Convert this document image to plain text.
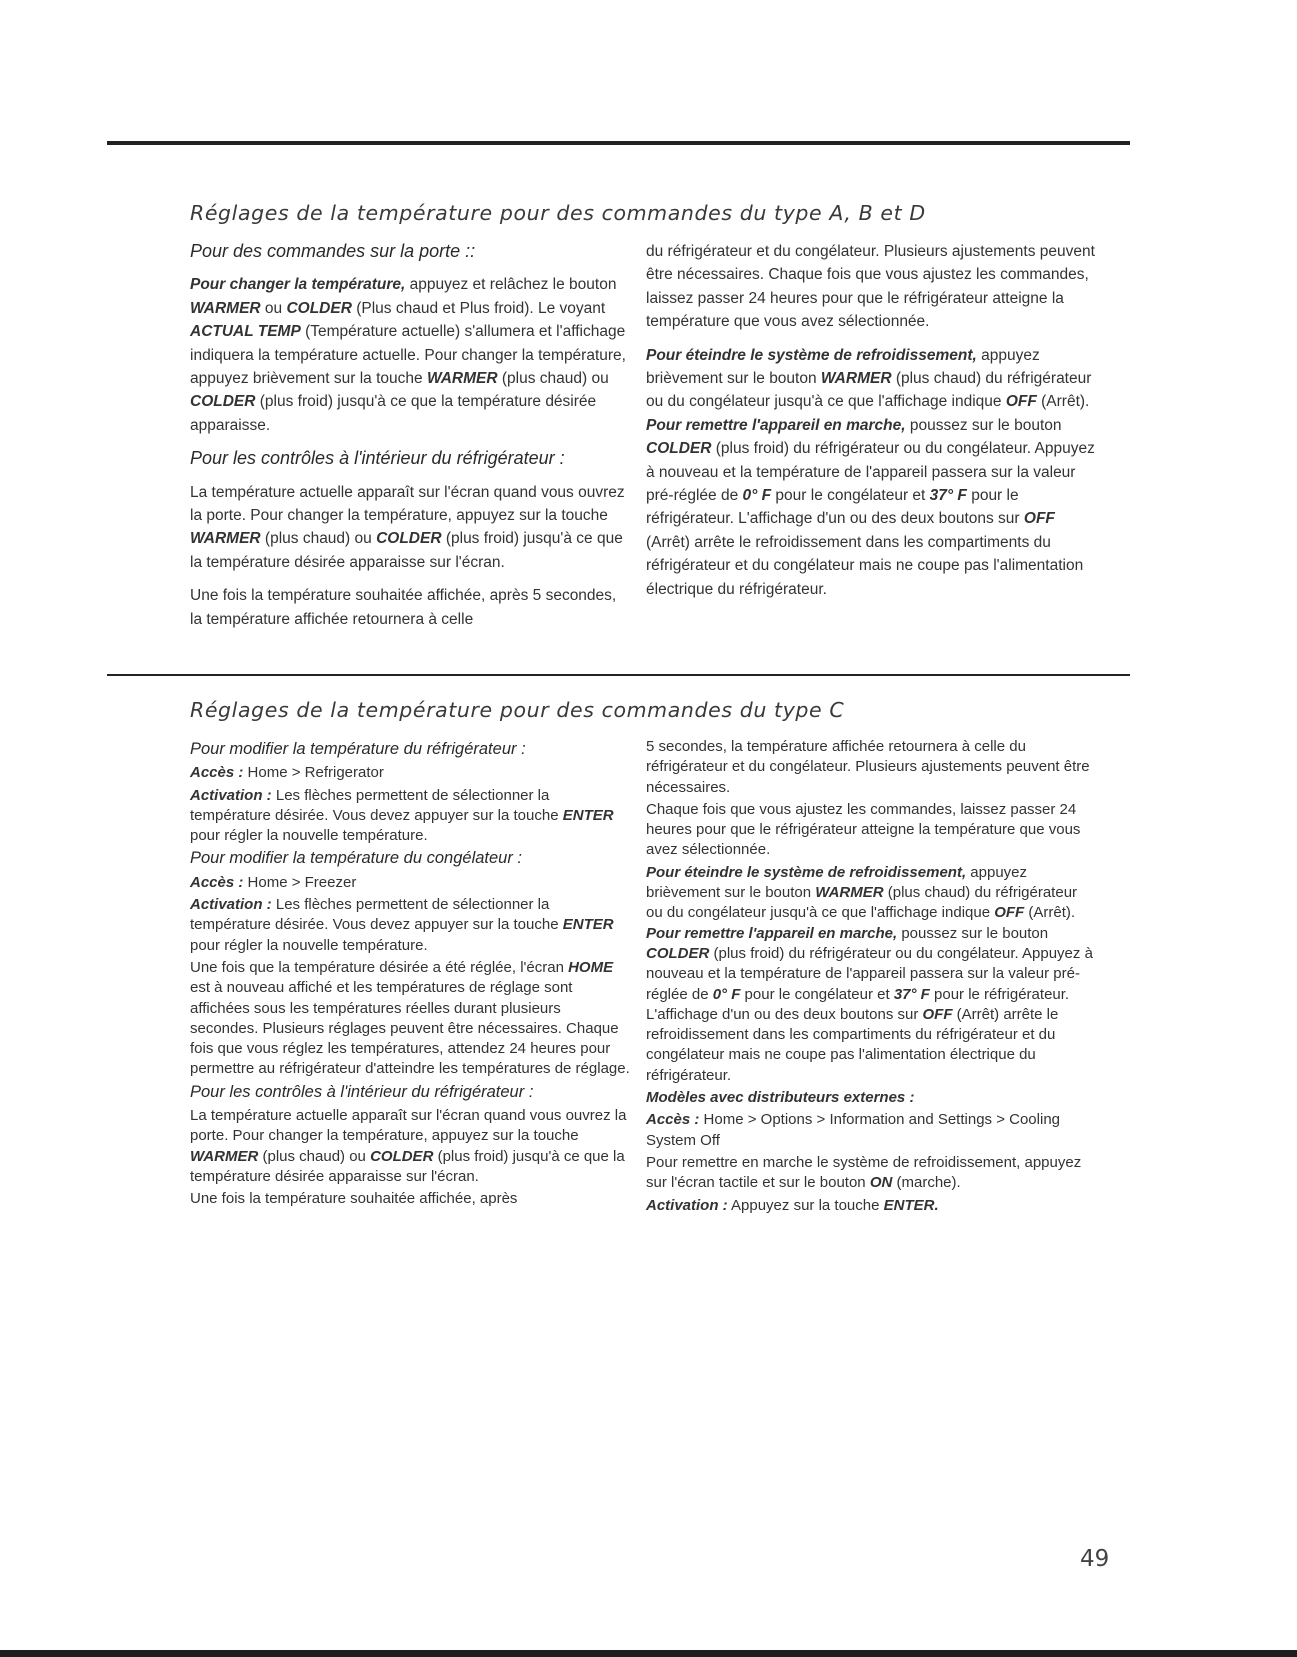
Réglages de la température pour des commandes du type A, B et D
Pour des commandes sur la porte ::

Pour changer la température, appuyez et relâchez le bouton WARMER ou COLDER (Plus chaud et Plus froid). Le voyant ACTUAL TEMP (Température actuelle) s'allumera et l'affichage indiquera la température actuelle. Pour changer la température, appuyez brièvement sur la touche WARMER (plus chaud) ou COLDER (plus froid) jusqu'à ce que la température désirée apparaisse.

Pour les contrôles à l'intérieur du réfrigérateur :

La température actuelle apparaît sur l'écran quand vous ouvrez la porte. Pour changer la température, appuyez sur la touche WARMER (plus chaud) ou COLDER (plus froid) jusqu'à ce que la température désirée apparaisse sur l'écran.

Une fois la température souhaitée affichée, après 5 secondes, la température affichée retournera à celle

du réfrigérateur et du congélateur. Plusieurs ajustements peuvent être nécessaires. Chaque fois que vous ajustez les commandes, laissez passer 24 heures pour que le réfrigérateur atteigne la température que vous avez sélectionnée.

Pour éteindre le système de refroidissement, appuyez brièvement sur le bouton WARMER (plus chaud) du réfrigérateur ou du congélateur jusqu'à ce que l'affichage indique OFF (Arrêt). Pour remettre l'appareil en marche, poussez sur le bouton COLDER (plus froid) du réfrigérateur ou du congélateur. Appuyez à nouveau et la température de l'appareil passera sur la valeur pré-réglée de 0° F pour le congélateur et 37° F pour le réfrigérateur. L'affichage d'un ou des deux boutons sur OFF (Arrêt) arrête le refroidissement dans les compartiments du réfrigérateur et du congélateur mais ne coupe pas l'alimentation électrique du réfrigérateur.

Réglages de la température pour des commandes du type C
Pour modifier la température du réfrigérateur :

Accès : Home > Refrigerator

Activation : Les flèches permettent de sélectionner la température désirée. Vous devez appuyer sur la touche ENTER pour régler la nouvelle température.

Pour modifier la température du congélateur :

Accès : Home > Freezer

Activation : Les flèches permettent de sélectionner la température désirée. Vous devez appuyer sur la touche ENTER pour régler la nouvelle température.

Une fois que la température désirée a été réglée, l'écran HOME est à nouveau affiché et les températures de réglage sont affichées sous les températures réelles durant plusieurs secondes. Plusieurs réglages peuvent être nécessaires. Chaque fois que vous réglez les températures, attendez 24 heures pour permettre au réfrigérateur d'atteindre les températures de réglage.

Pour les contrôles à l'intérieur du réfrigérateur :

La température actuelle apparaît sur l'écran quand vous ouvrez la porte. Pour changer la température, appuyez sur la touche WARMER (plus chaud) ou COLDER (plus froid) jusqu'à ce que la température désirée apparaisse sur l'écran.

Une fois la température souhaitée affichée, après

5 secondes, la température affichée retournera à celle du réfrigérateur et du congélateur. Plusieurs ajustements peuvent être nécessaires.

Chaque fois que vous ajustez les commandes, laissez passer 24 heures pour que le réfrigérateur atteigne la température que vous avez sélectionnée.

Pour éteindre le système de refroidissement, appuyez brièvement sur le bouton WARMER (plus chaud) du réfrigérateur ou du congélateur jusqu'à ce que l'affichage indique OFF (Arrêt). Pour remettre l'appareil en marche, poussez sur le bouton COLDER (plus froid) du réfrigérateur ou du congélateur. Appuyez à nouveau et la température de l'appareil passera sur la valeur pré-réglée de 0° F pour le congélateur et 37° F pour le réfrigérateur. L'affichage d'un ou des deux boutons sur OFF (Arrêt) arrête le refroidissement dans les compartiments du réfrigérateur et du congélateur mais ne coupe pas l'alimentation électrique du réfrigérateur.

Modèles avec distributeurs externes :

Accès : Home > Options > Information and Settings > Cooling System Off

Pour remettre en marche le système de refroidissement, appuyez sur l'écran tactile et sur le bouton ON (marche).

Activation : Appuyez sur la touche ENTER.

49
